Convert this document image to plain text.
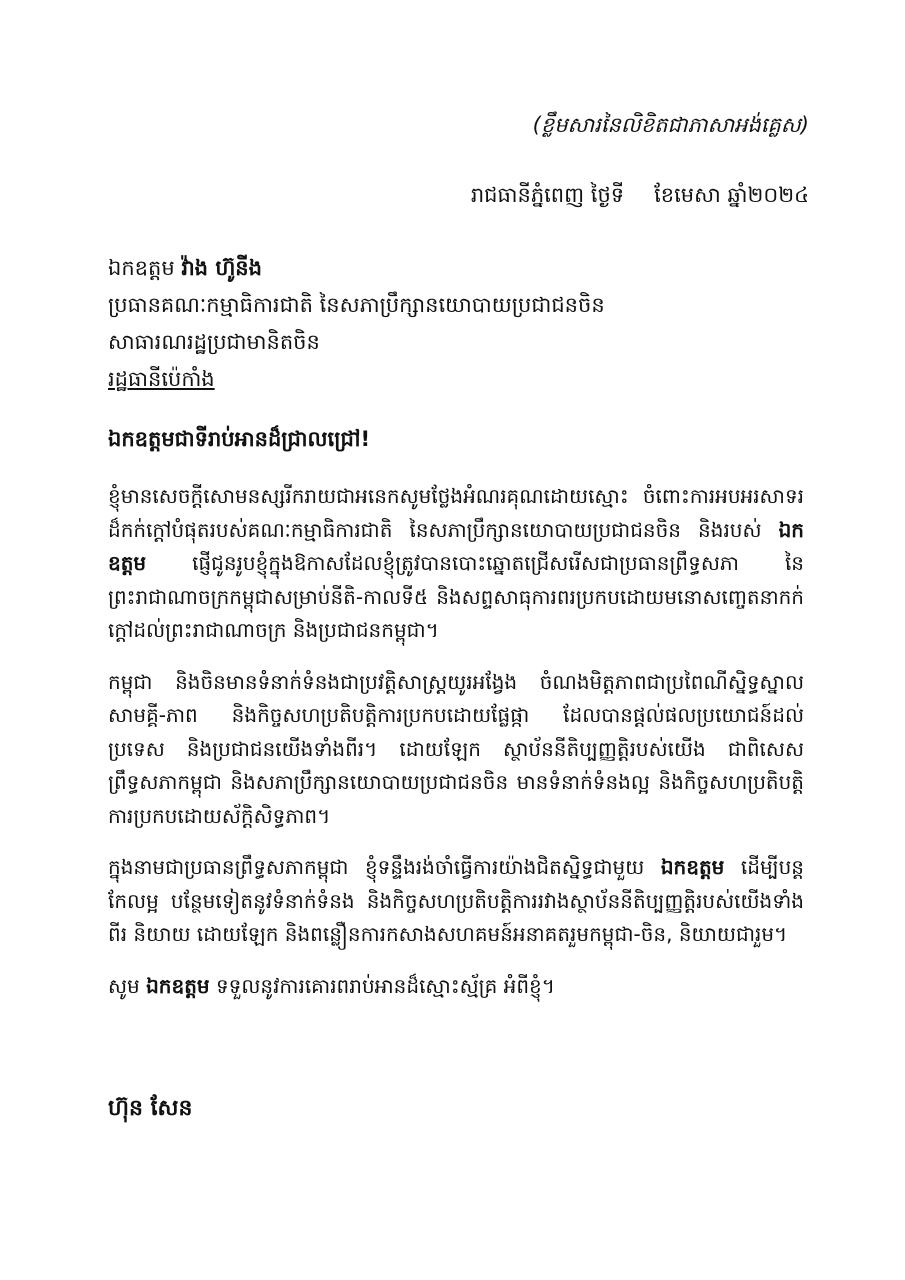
(ខ្លឹមសារនៃលិខិតជាភាសាអង់គ្លេស)
រាជធានីភ្នំពេញ ថ្ងៃទី ខែមេសា ឆ្នាំ២០២៤
ឯកឧត្តម វ៉ាង ហ៊ូនីង
ប្រធានគណៈកម្មាធិការជាតិ នៃសភាប្រឹក្សានយោបាយប្រជាជនចិន
សាធារណរដ្ឋប្រជាមានិតចិន
រដ្ឋធានីប៉េកាំង
ឯកឧត្តមជាទីរាប់អានដ៏ជ្រាលជ្រៅ!

ខ្ញុំមានសេចក្តីសោមនស្សរីករាយជាអនេកសូមថ្លែងអំណរគុណដោយស្មោះ ចំពោះការអបអរសាទរដ៏កក់ក្តៅបំផុតរបស់គណៈកម្មាធិការជាតិ នៃសភាប្រឹក្សានយោបាយប្រជាជនចិន និងរបស់ ឯកឧត្តម ផ្ញើជូនរូបខ្ញុំក្នុងឱកាសដែលខ្ញុំត្រូវបានបោះឆ្នោតជ្រើសរើសជាប្រធានព្រឹទ្ធសភា នៃព្រះរាជាណាចក្រកម្ពុជាសម្រាប់នីតិ-កាលទី៥ និងសព្ទសាធុការពរប្រកបដោយមនោសញ្ចេតនាកក់ក្តៅដល់ព្រះរាជាណាចក្រ និងប្រជាជនកម្ពុជា។

កម្ពុជា និងចិនមានទំនាក់ទំនងជាប្រវត្តិសាស្ត្រយូរអង្វែង ចំណងមិត្តភាពជាប្រពៃណីស្និទ្ធស្នាលសាមគ្គី-ភាព និងកិច្ចសហប្រតិបត្តិការប្រកបដោយផ្លែផ្កា ដែលបានផ្តល់ផលប្រយោជន៍ដល់ប្រទេស និងប្រជាជនយើងទាំងពីរ។ ដោយឡែក ស្ថាប័ននីតិប្បញ្ញត្តិរបស់យើង ជាពិសេស ព្រឹទ្ធសភាកម្ពុជា និងសភាប្រឹក្សានយោបាយប្រជាជនចិន មានទំនាក់ទំនងល្អ និងកិច្ចសហប្រតិបត្តិការប្រកបដោយស័ក្តិសិទ្ធភាព។

ក្នុងនាមជាប្រធានព្រឹទ្ធសភាកម្ពុជា ខ្ញុំទន្ទឹងរង់ចាំធ្វើការយ៉ាងជិតស្និទ្ធជាមួយ ឯកឧត្តម ដើម្បីបន្តកែលម្អ បន្ថែមទៀតនូវទំនាក់ទំនង និងកិច្ចសហប្រតិបត្តិការរវាងស្ថាប័ននីតិប្បញ្ញត្តិរបស់យើងទាំងពីរ និយាយ ដោយឡែក និងពន្លឿនការកសាងសហគមន៍អនាគតរួមកម្ពុជា-ចិន, និយាយជារួម។

សូម ឯកឧត្តម ទទួលនូវការគោរពរាប់អានដ៏ស្មោះស្ម័គ្រ អំពីខ្ញុំ។

ហ៊ុន សែន
